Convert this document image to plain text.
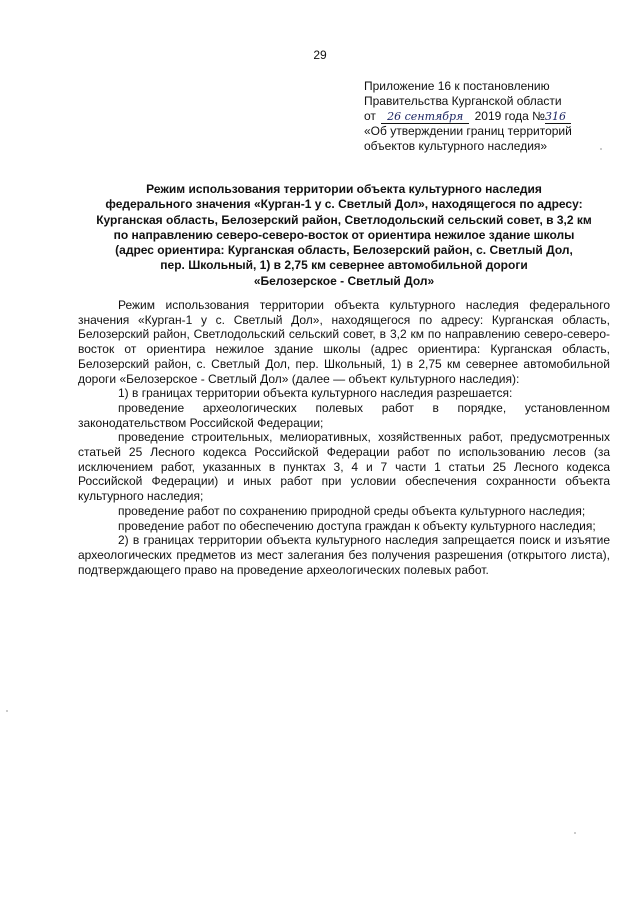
29
Приложение 16 к постановлению
Правительства Курганской области
от 26 сентября 2019 года №316
«Об утверждении границ территорий
объектов культурного наследия»
Режим использования территории объекта культурного наследия
федерального значения «Курган-1 у с. Светлый Дол», находящегося по адресу:
Курганская область, Белозерский район, Светлодольский сельский совет, в 3,2 км
по направлению северо-северо-восток от ориентира нежилое здание школы
(адрес ориентира: Курганская область, Белозерский район, с. Светлый Дол,
пер. Школьный, 1) в 2,75 км севернее автомобильной дороги
«Белозерское - Светлый Дол»

Режим использования территории объекта культурного наследия федерального значения «Курган-1 у с. Светлый Дол», находящегося по адресу: Курганская область, Белозерский район, Светлодольский сельский совет, в 3,2 км по направлению северо-северо-восток от ориентира нежилое здание школы (адрес ориентира: Курганская область, Белозерский район, с. Светлый Дол, пер. Школьный, 1) в 2,75 км севернее автомобильной дороги «Белозерское - Светлый Дол» (далее — объект культурного наследия):

1) в границах территории объекта культурного наследия разрешается:

проведение археологических полевых работ в порядке, установленном законодательством Российской Федерации;

проведение строительных, мелиоративных, хозяйственных работ, предусмотренных статьей 25 Лесного кодекса Российской Федерации работ по использованию лесов (за исключением работ, указанных в пунктах 3, 4 и 7 части 1 статьи 25 Лесного кодекса Российской Федерации) и иных работ при условии обеспечения сохранности объекта культурного наследия;

проведение работ по сохранению природной среды объекта культурного наследия;

проведение работ по обеспечению доступа граждан к объекту культурного наследия;

2) в границах территории объекта культурного наследия запрещается поиск и изъятие археологических предметов из мест залегания без получения разрешения (открытого листа), подтверждающего право на проведение археологических полевых работ.
